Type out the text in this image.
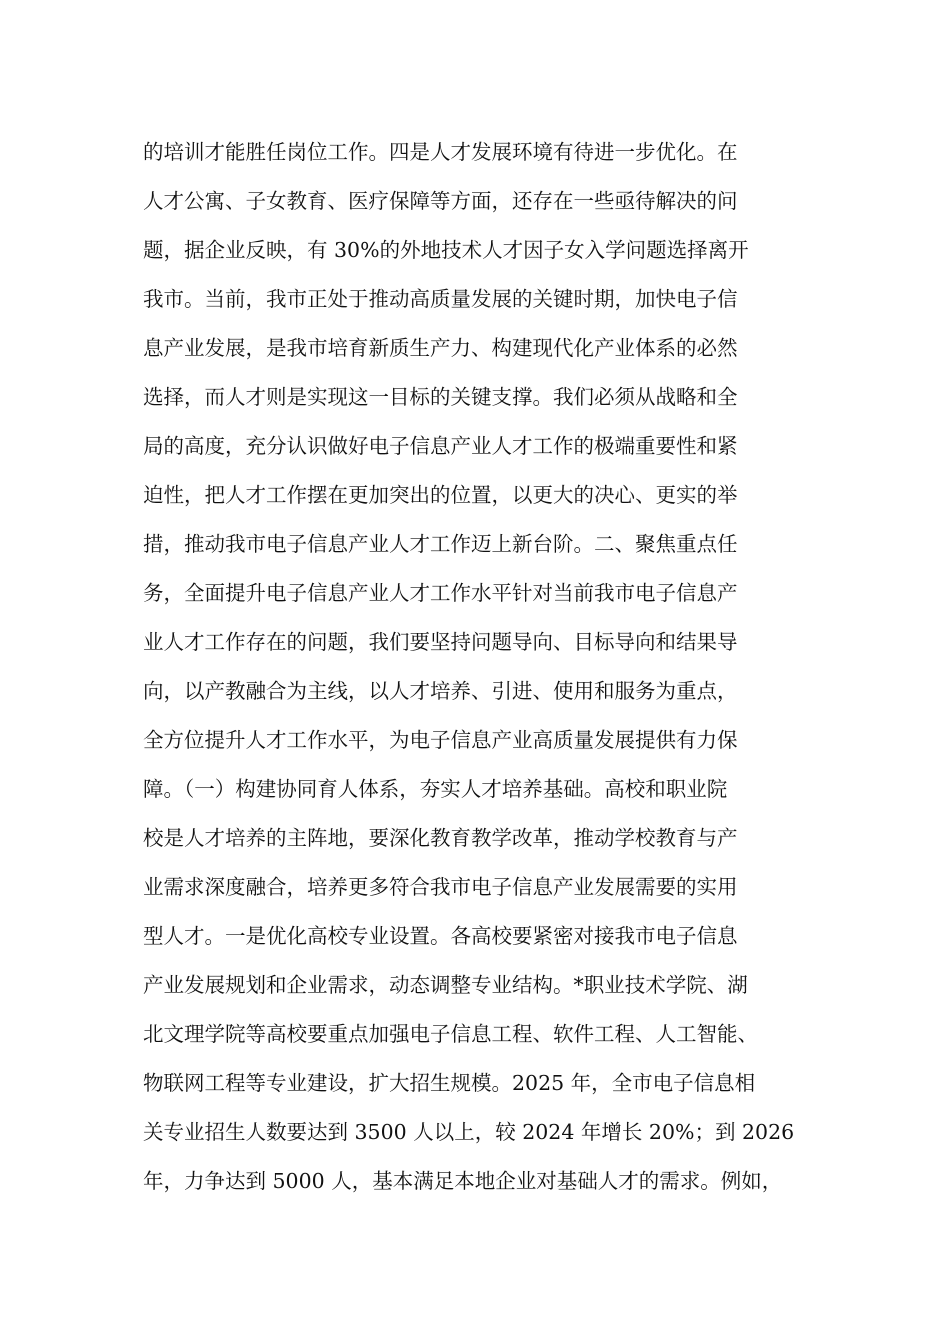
的培训才能胜任岗位工作。四是人才发展环境有待进一步优化。在
人才公寓、子女教育、医疗保障等方面，还存在一些亟待解决的问
题，据企业反映，有 30%的外地技术人才因子女入学问题选择离开
我市。当前，我市正处于推动高质量发展的关键时期，加快电子信
息产业发展，是我市培育新质生产力、构建现代化产业体系的必然
选择，而人才则是实现这一目标的关键支撑。我们必须从战略和全
局的高度，充分认识做好电子信息产业人才工作的极端重要性和紧
迫性，把人才工作摆在更加突出的位置，以更大的决心、更实的举
措，推动我市电子信息产业人才工作迈上新台阶。二、聚焦重点任
务，全面提升电子信息产业人才工作水平针对当前我市电子信息产
业人才工作存在的问题，我们要坚持问题导向、目标导向和结果导
向，以产教融合为主线，以人才培养、引进、使用和服务为重点，
全方位提升人才工作水平，为电子信息产业高质量发展提供有力保
障。（一）构建协同育人体系，夯实人才培养基础。高校和职业院
校是人才培养的主阵地，要深化教育教学改革，推动学校教育与产
业需求深度融合，培养更多符合我市电子信息产业发展需要的实用
型人才。一是优化高校专业设置。各高校要紧密对接我市电子信息
产业发展规划和企业需求，动态调整专业结构。*职业技术学院、湖
北文理学院等高校要重点加强电子信息工程、软件工程、人工智能、
物联网工程等专业建设，扩大招生规模。2025 年，全市电子信息相
关专业招生人数要达到 3500 人以上，较 2024 年增长 20%；到 2026
年，力争达到 5000 人，基本满足本地企业对基础人才的需求。例如，
